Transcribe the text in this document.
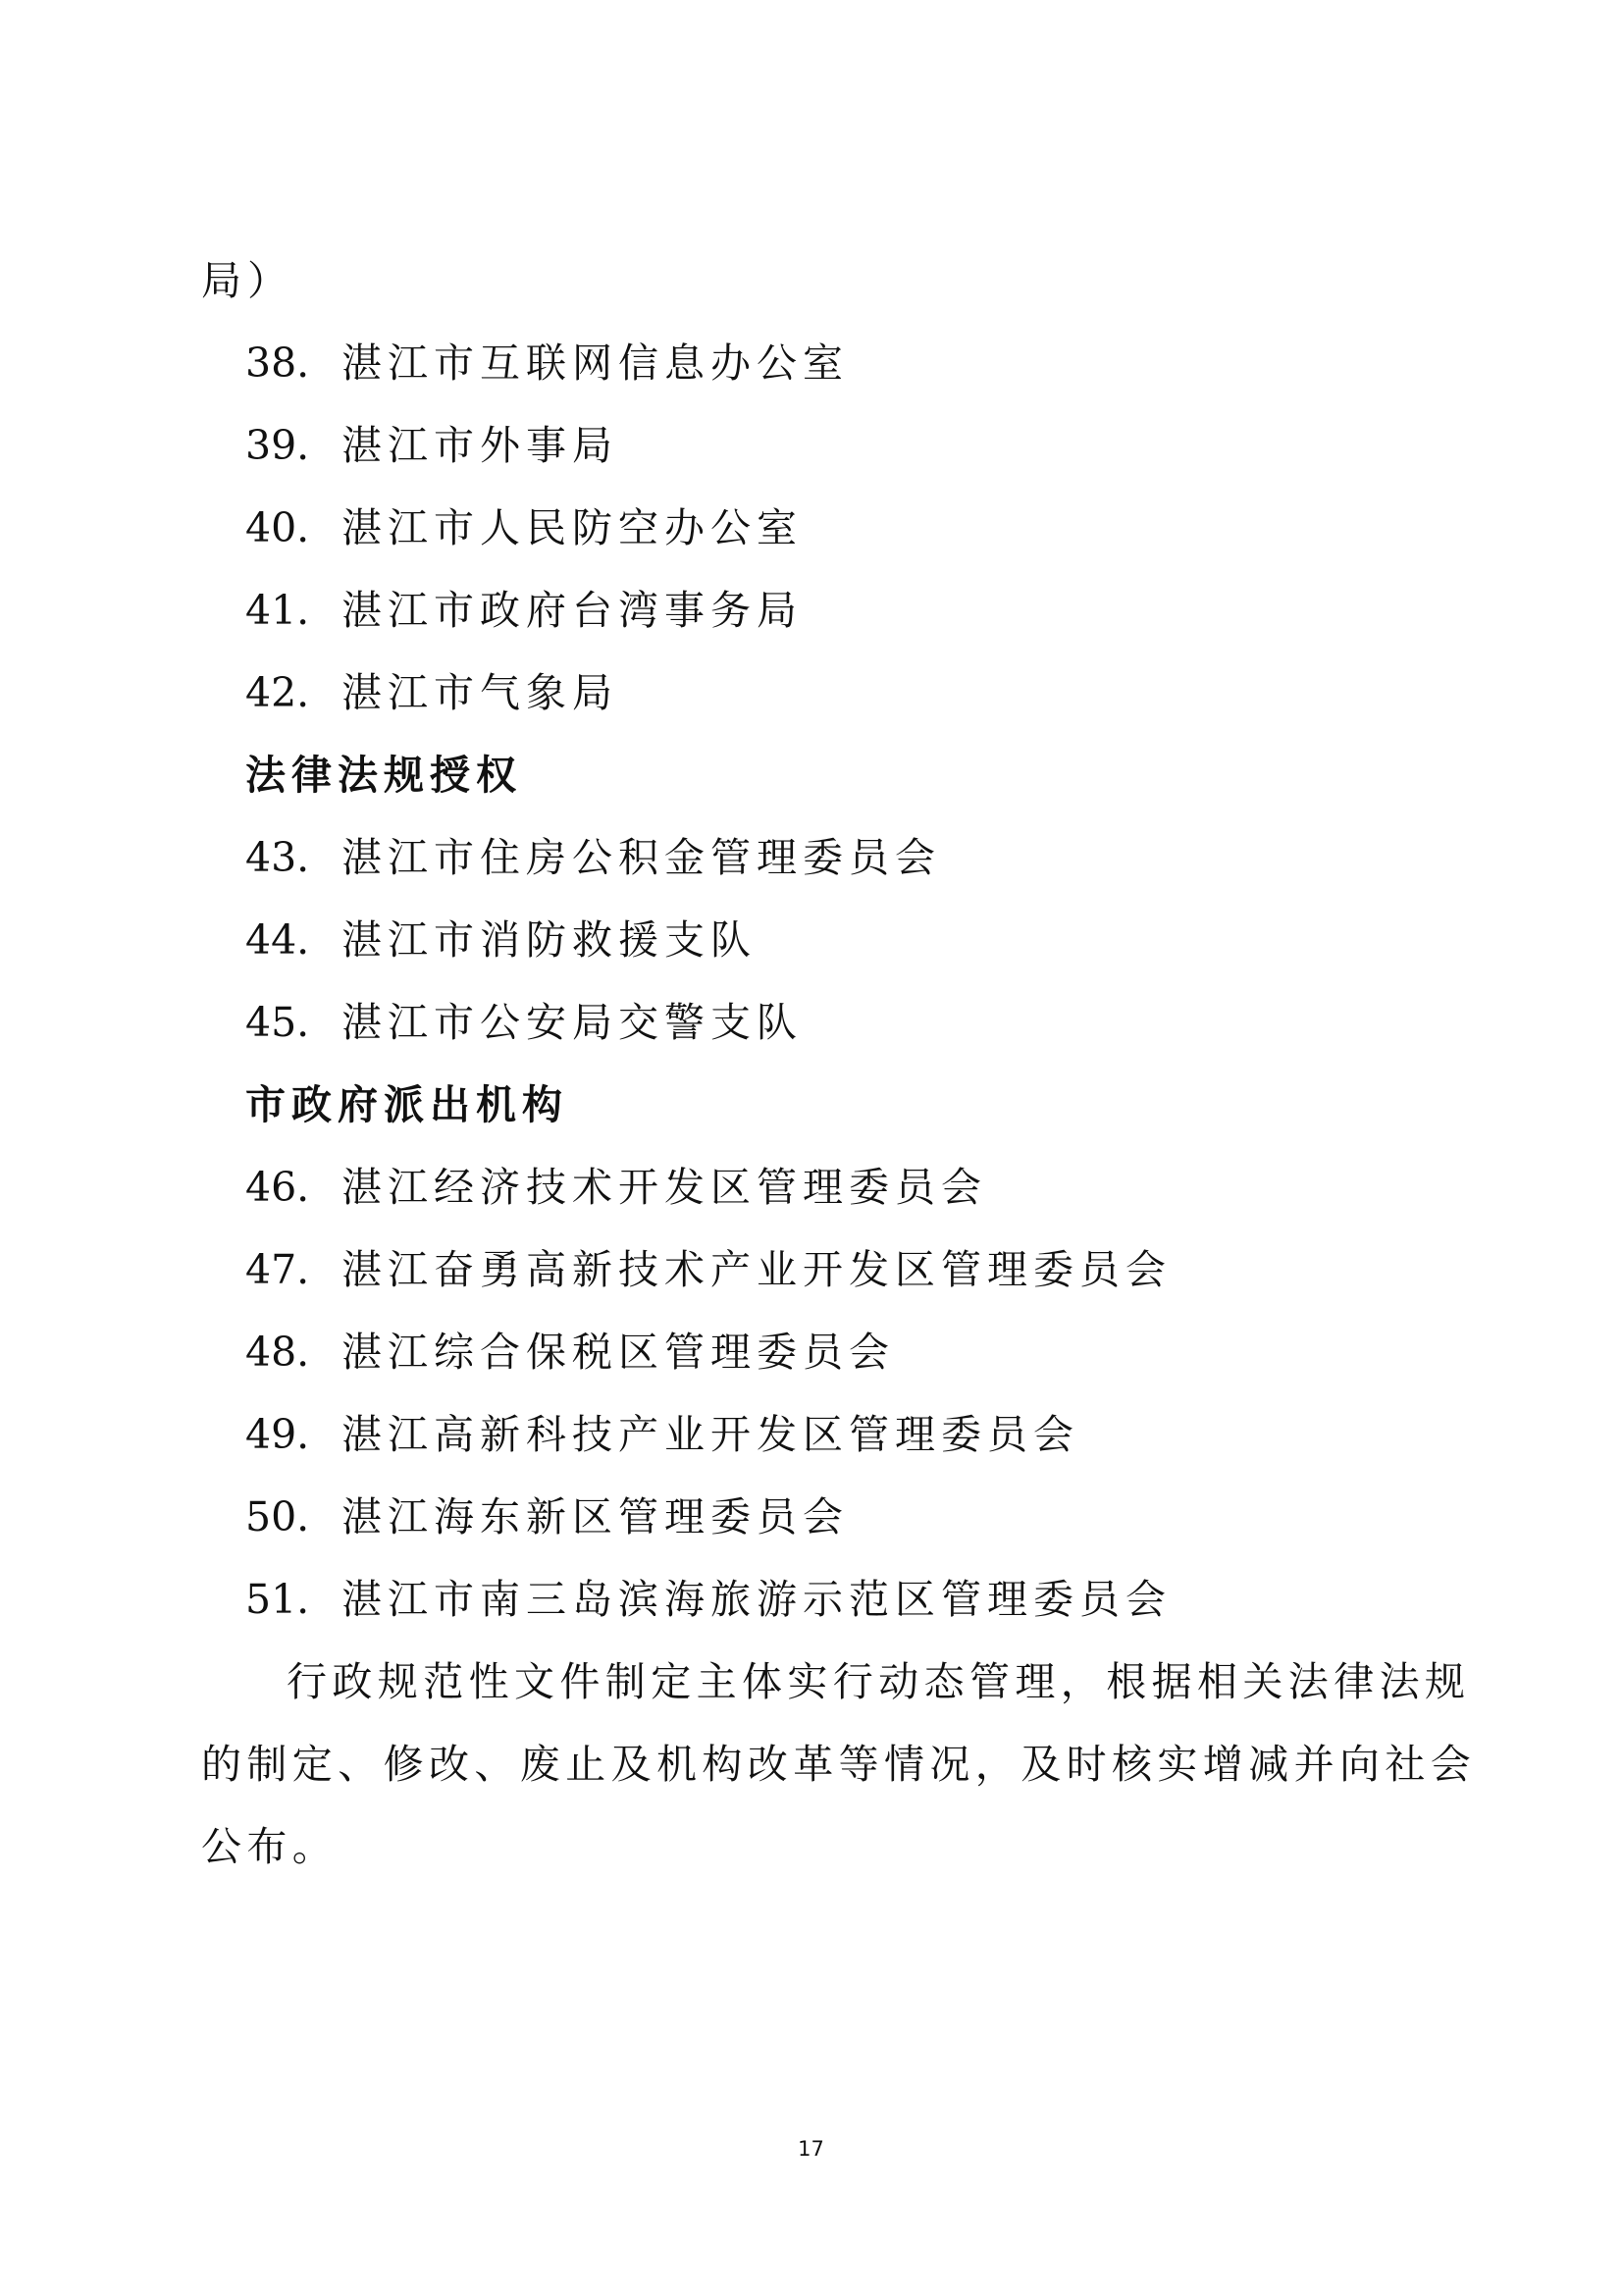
局）
38. 湛江市互联网信息办公室
39. 湛江市外事局
40. 湛江市人民防空办公室
41. 湛江市政府台湾事务局
42. 湛江市气象局
法律法规授权
43. 湛江市住房公积金管理委员会
44. 湛江市消防救援支队
45. 湛江市公安局交警支队
市政府派出机构
46. 湛江经济技术开发区管理委员会
47. 湛江奋勇高新技术产业开发区管理委员会
48. 湛江综合保税区管理委员会
49. 湛江高新科技产业开发区管理委员会
50. 湛江海东新区管理委员会
51. 湛江市南三岛滨海旅游示范区管理委员会
行政规范性文件制定主体实行动态管理，根据相关法律法规
的制定、修改、废止及机构改革等情况，及时核实增减并向社会
公布。
17
